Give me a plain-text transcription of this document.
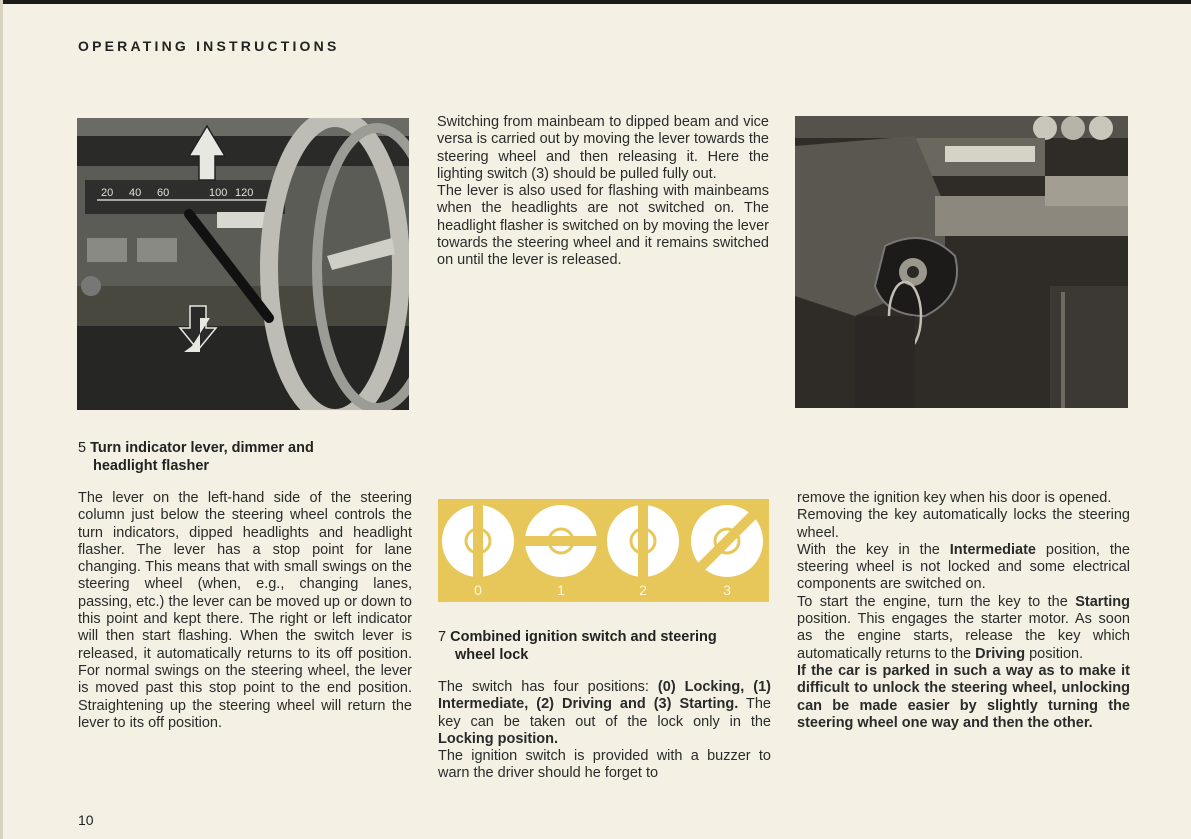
OPERATING INSTRUCTIONS
20 40 60	100 120

Switching from mainbeam to dipped beam and vice versa is carried out by moving the lever towards the steering wheel and then releasing it. Here the lighting switch (3) should be pulled fully out.

The lever is also used for flashing with mainbeams when the headlights are not switched on. The headlight flasher is switched on by moving the lever towards the steering wheel and it remains switched on until the lever is released.

5 Turn indicator lever, dimmer and
headlight flasher

The lever on the left-hand side of the steering column just below the steering wheel controls the turn indicators, dipped headlights and headlight flasher. The lever has a stop point for lane changing. This means that with small swings on the steering wheel (when, e.g., changing lanes, passing, etc.) the lever can be moved up or down to this point and kept there. The right or left indicator will then start flashing. When the switch lever is released, it automatically returns to its off position. For normal swings on the steering wheel, the lever is moved past this stop point to the end position. Straightening up the steering wheel will return the lever to its off position.

0	1	2	3
7 Combined ignition switch and steering
wheel lock

The switch has four positions: (0) Locking, (1) Intermediate, (2) Driving and (3) Starting. The key can be taken out of the lock only in the Locking position.

The ignition switch is provided with a buzzer to warn the driver should he forget to

remove the ignition key when his door is opened.

Removing the key automatically locks the steering wheel.

With the key in the Intermediate position, the steering wheel is not locked and some electrical components are switched on.

To start the engine, turn the key to the Starting position. This engages the starter motor. As soon as the engine starts, release the key which automatically returns to the Driving position.

If the car is parked in such a way as to make it difficult to unlock the steering wheel, unlocking can be made easier by slightly turning the steering wheel one way and then the other.

10
